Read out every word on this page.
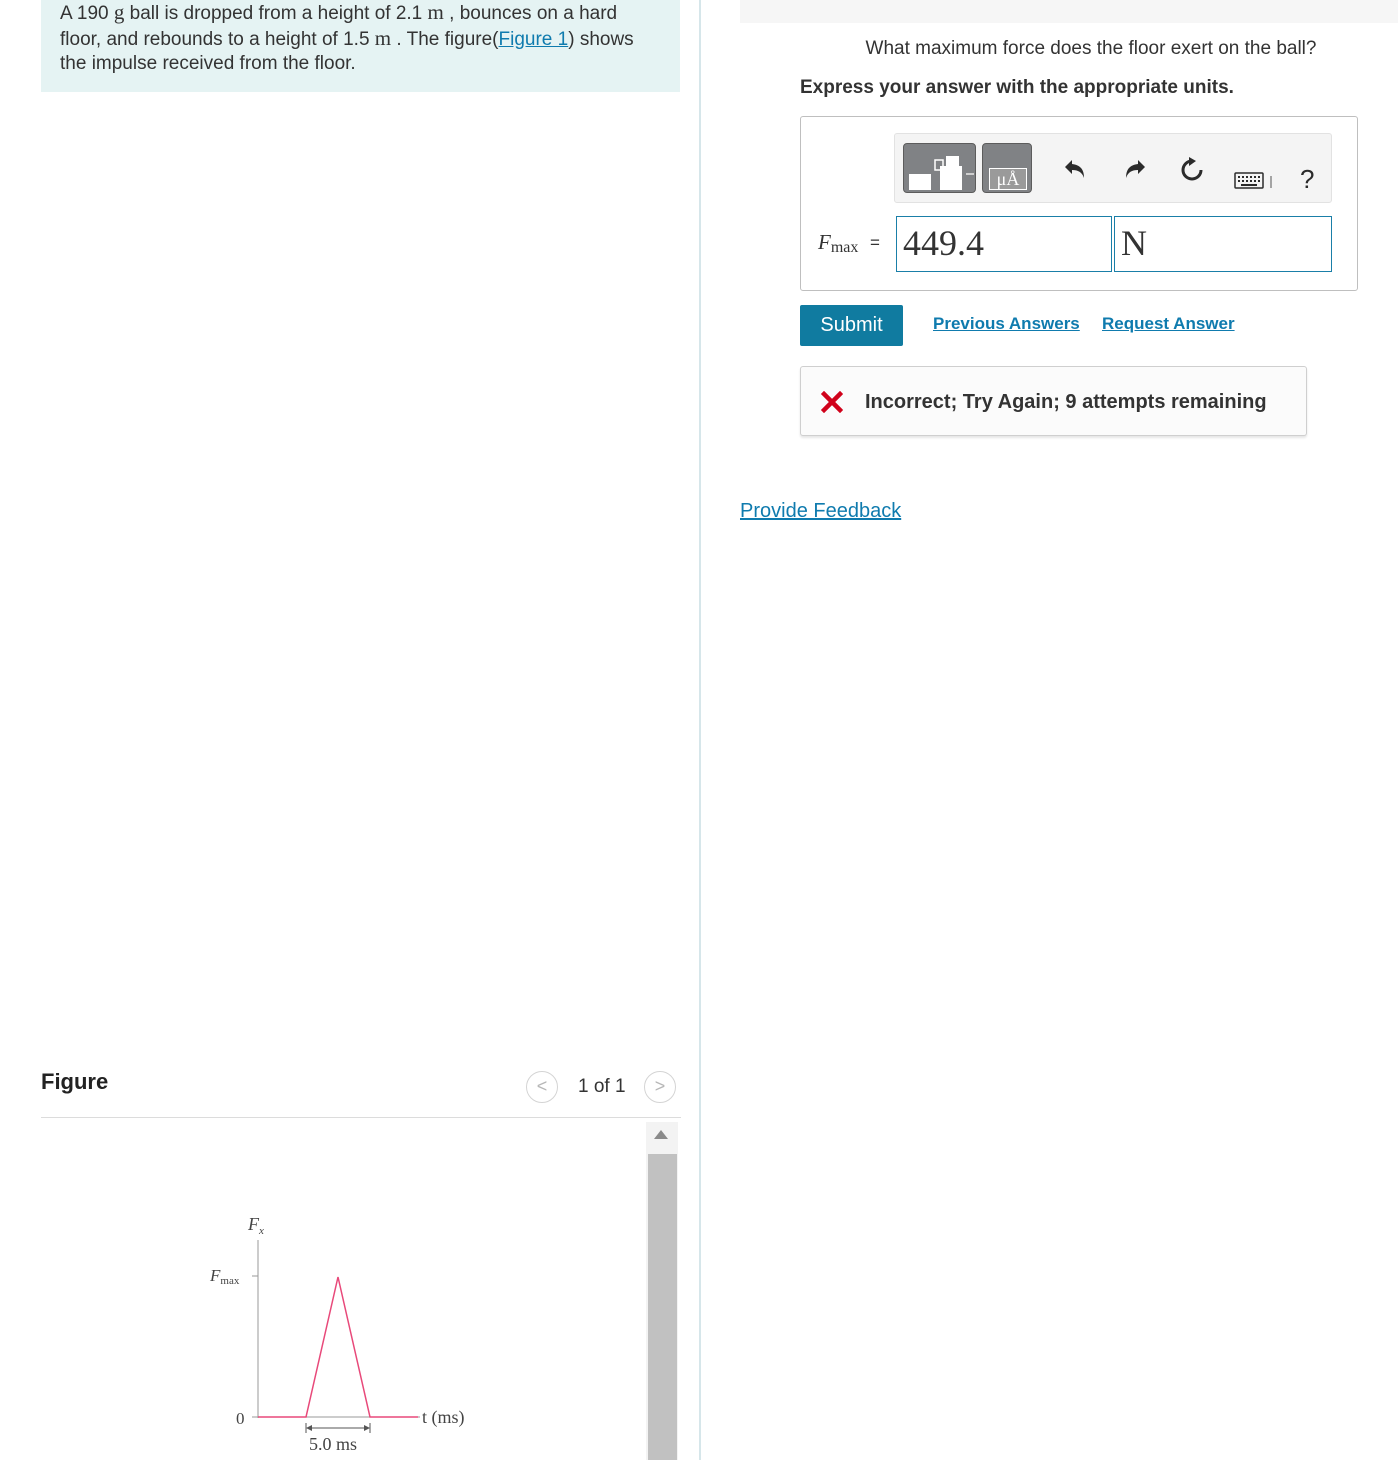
A 190 g ball is dropped from a height of 2.1 m , bounces on a hard floor, and rebounds to a height of 1.5 m . The figure(Figure 1) shows the impulse received from the floor.
Figure	<	1 of 1	>
$F_x$
Fmax
0	t (ms)
5.0 ms
What maximum force does the floor exert on the ball?
Express your answer with the appropriate units.
μÅ	?
$F_{max} = 449.4$	N
Submit	Previous Answers Request Answer
Incorrect; Try Again; 9 attempts remaining
Provide Feedback
